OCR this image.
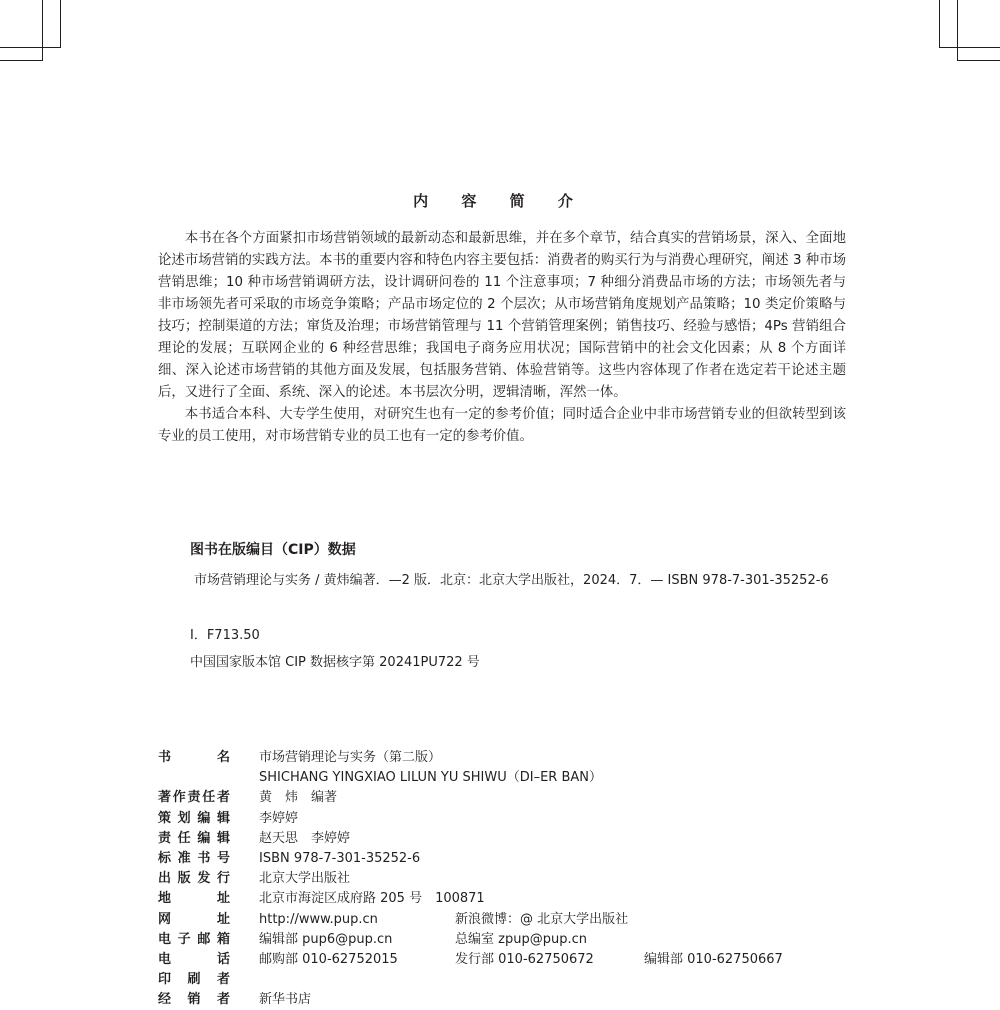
内 容 简 介

本书在各个方面紧扣市场营销领域的最新动态和最新思维，并在多个章节，结合真实的营销场景，深入、全面地论述市场营销的实践方法。本书的重要内容和特色内容主要包括：消费者的购买行为与消费心理研究，阐述 3 种市场营销思维；10 种市场营销调研方法，设计调研问卷的 11 个注意事项；7 种细分消费品市场的方法；市场领先者与非市场领先者可采取的市场竞争策略；产品市场定位的 2 个层次；从市场营销角度规划产品策略；10 类定价策略与技巧；控制渠道的方法；窜货及治理；市场营销管理与 11 个营销管理案例；销售技巧、经验与感悟；4Ps 营销组合理论的发展；互联网企业的 6 种经营思维；我国电子商务应用状况；国际营销中的社会文化因素；从 8 个方面详细、深入论述市场营销的其他方面及发展，包括服务营销、体验营销等。这些内容体现了作者在选定若干论述主题后，又进行了全面、系统、深入的论述。本书层次分明，逻辑清晰，浑然一体。

本书适合本科、大专学生使用，对研究生也有一定的参考价值；同时适合企业中非市场营销专业的但欲转型到该专业的员工使用，对市场营销专业的员工也有一定的参考价值。

图书在版编目（CIP）数据
市场营销理论与实务 / 黄炜编著．—2 版．北京：北京大学出版社，2024．7．— ISBN 978-7-301-35252-6
Ⅰ．F713.50
中国国家版本馆 CIP 数据核字第 20241PU722 号
书名 市场营销理论与实务（第二版）
SHICHANG YINGXIAO LILUN YU SHIWU（DI–ER BAN）
著作责任者 黄　炜　编著
策划编辑 李婷婷
责任编辑 赵天思　李婷婷
标准书号 ISBN 978-7-301-35252-6
出版发行 北京大学出版社
地址 北京市海淀区成府路 205 号　100871
网址 http://www.pup.cn	新浪微博：@ 北京大学出版社
电子邮箱 编辑部 pup6@pup.cn	总编室 zpup@pup.cn
电话 邮购部 010-62752015	发行部 010-62750672	编辑部 010-62750667
印刷者
经销者 新华书店
